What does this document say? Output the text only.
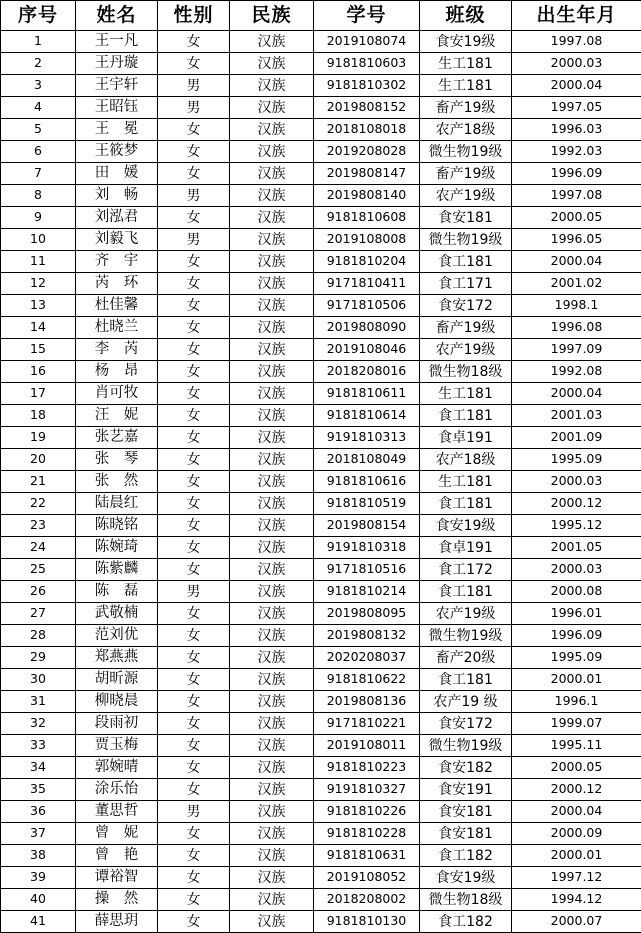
序号	姓名	性别	民族	学号	班级	出生年月
1	王一凡	女	汉族	2019108074	食安19级	1997.08
2	王丹璇	女	汉族	9181810603	生工181	2000.03
3	王宇轩	男	汉族	9181810302	生工181	2000.04
4	王昭钰	男	汉族	2019808152	畜产19级	1997.05
5	王　冕	女	汉族	2018108018	农产18级	1996.03
6	王筱梦	女	汉族	2019208028	微生物19级	1992.03
7	田　媛	女	汉族	2019808147	畜产19级	1996.09
8	刘　畅	男	汉族	2019808140	农产19级	1997.08
9	刘泓君	女	汉族	9181810608	食安181	2000.05
10	刘毅飞	男	汉族	2019108008	微生物19级	1996.05
11	齐　宇	女	汉族	9181810204	食工181	2000.04
12	芮　环	女	汉族	9171810411	食工171	2001.02
13	杜佳馨	女	汉族	9171810506	食安172	1998.1
14	杜晓兰	女	汉族	2019808090	畜产19级	1996.08
15	李　芮	女	汉族	2019108046	农产19级	1997.09
16	杨　昂	女	汉族	2018208016	微生物18级	1992.08
17	肖可牧	女	汉族	9181810611	生工181	2000.04
18	汪　妮	女	汉族	9181810614	食工181	2001.03
19	张艺嘉	女	汉族	9191810313	食卓191	2001.09
20	张　琴	女	汉族	2018108049	农产18级	1995.09
21	张　然	女	汉族	9181810616	生工181	2000.03
22	陆晨红	女	汉族	9181810519	食工181	2000.12
23	陈晓铭	女	汉族	2019808154	食安19级	1995.12
24	陈婉琦	女	汉族	9191810318	食卓191	2001.05
25	陈紫麟	女	汉族	9171810516	食工172	2000.03
26	陈　磊	男	汉族	9181810214	食工181	2000.08
27	武敬楠	女	汉族	2019808095	农产19级	1996.01
28	范刘优	女	汉族	2019808132	微生物19级	1996.09
29	郑燕燕	女	汉族	2020208037	畜产20级	1995.09
30	胡昕源	女	汉族	9181810622	食工181	2000.01
31	柳晓晨	女	汉族	2019808136	农产19 级	1996.1
32	段雨初	女	汉族	9171810221	食安172	1999.07
33	贾玉梅	女	汉族	2019108011	微生物19级	1995.11
34	郭婉晴	女	汉族	9181810223	食安182	2000.05
35	涂乐怡	女	汉族	9191810327	食安191	2000.12
36	董思哲	男	汉族	9181810226	食安181	2000.04
37	曾　妮	女	汉族	9181810228	食安181	2000.09
38	曾　艳	女	汉族	9181810631	食工182	2000.01
39	谭裕智	女	汉族	2019108052	食安19级	1997.12
40	操　然	女	汉族	2018208002	微生物18级	1994.12
41	薛思玥	女	汉族	9181810130	食工182	2000.07
